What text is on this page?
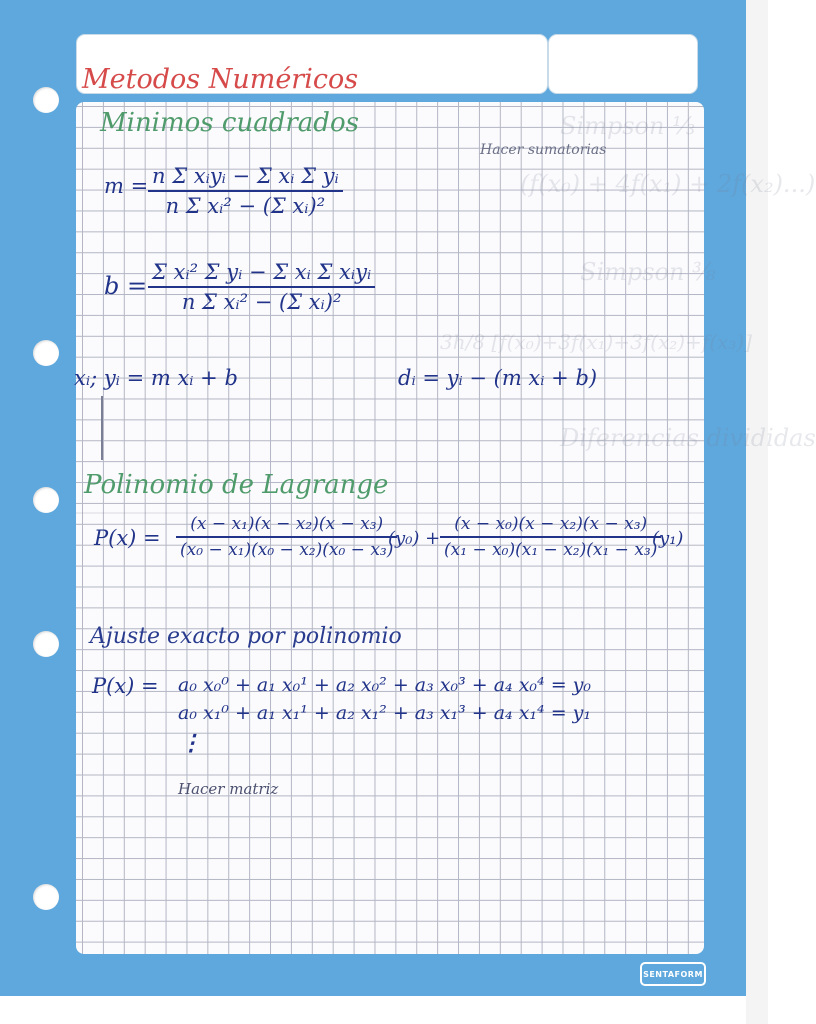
Simpson ⅓
(f(x₀) + 4f(x₁) + 2f(x₂)...)
Simpson ⅜
3h/8 [f(x₀)+3f(x₁)+3f(x₂)+f(x₃)]
Diferencias divididas
Metodos Numéricos
Minimos cuadrados
Hacer sumatorias
m = n Σ xᵢyᵢ − Σ xᵢ Σ yᵢ
n Σ xᵢ² − (Σ xᵢ)²
b = Σ xᵢ² Σ yᵢ − Σ xᵢ Σ xᵢyᵢ
n Σ xᵢ² − (Σ xᵢ)²
xᵢ; yᵢ = m xᵢ + b	dᵢ = yᵢ − (m xᵢ + b)
Polinomio de Lagrange
P(x) =
(x − x₁)(x − x₂)(x − x₃)
(x₀ − x₁)(x₀ − x₂)(x₀ − x₃)
(y₀) +
(x − x₀)(x − x₂)(x − x₃)
(x₁ − x₀)(x₁ − x₂)(x₁ − x₃)
(y₁)
Ajuste exacto por polinomio
P(x) = a₀ x₀⁰ + a₁ x₀¹ + a₂ x₀² + a₃ x₀³ + a₄ x₀⁴ = y₀
a₀ x₁⁰ + a₁ x₁¹ + a₂ x₁² + a₃ x₁³ + a₄ x₁⁴ = y₁
⋮
Hacer matriz
SENTAFORM
